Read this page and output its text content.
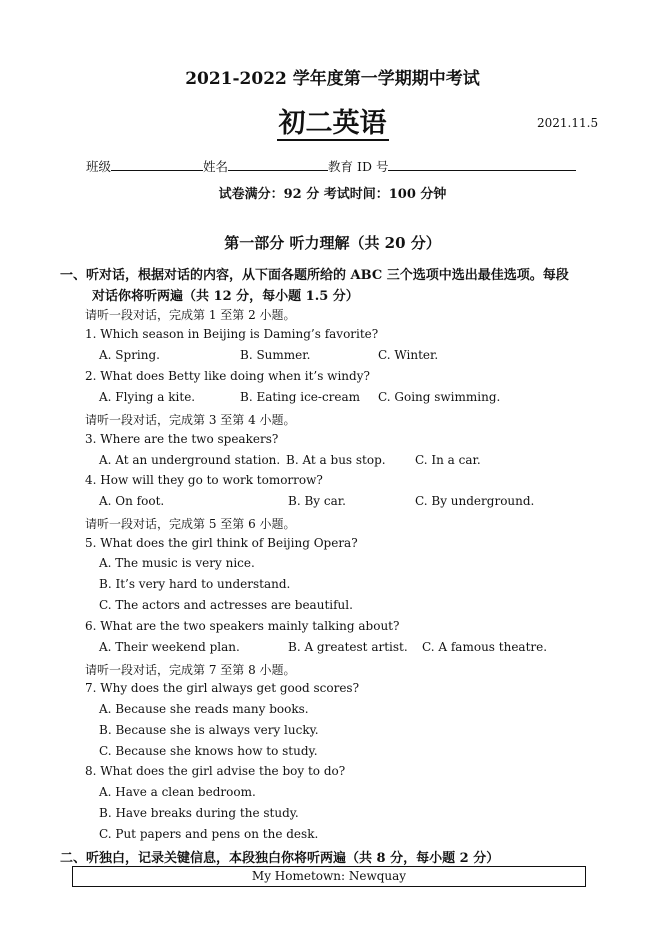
2021-2022 学年度第一学期期中考试
初二英语	2021.11.5
班级	姓名	教育 ID 号
试卷满分：92 分 考试时间：100 分钟
第一部分 听力理解（共 20 分）
一、听对话，根据对话的内容，从下面各题所给的 ABC 三个选项中选出最佳选项。每段
对话你将听两遍（共 12 分，每小题 1.5 分）
请听一段对话，完成第 1 至第 2 小题。
1. Which season in Beijing is Daming’s favorite?
A. Spring.	B. Summer.	C. Winter.
2. What does Betty like doing when it’s windy?
A. Flying a kite.	B. Eating ice-cream C. Going swimming.
请听一段对话，完成第 3 至第 4 小题。
3. Where are the two speakers?
A. At an underground station. B. At a bus stop. C. In a car.
4. How will they go to work tomorrow?
A. On foot.	B. By car.	C. By underground.
请听一段对话，完成第 5 至第 6 小题。
5. What does the girl think of Beijing Opera?
A. The music is very nice.
B. It’s very hard to understand.
C. The actors and actresses are beautiful.
6. What are the two speakers mainly talking about?
A. Their weekend plan.	B. A greatest artist. C. A famous theatre.
请听一段对话，完成第 7 至第 8 小题。
7. Why does the girl always get good scores?
A. Because she reads many books.
B. Because she is always very lucky.
C. Because she knows how to study.
8. What does the girl advise the boy to do?
A. Have a clean bedroom.
B. Have breaks during the study.
C. Put papers and pens on the desk.
二、听独白，记录关键信息，本段独白你将听两遍（共 8 分，每小题 2 分）
My Hometown: Newquay
